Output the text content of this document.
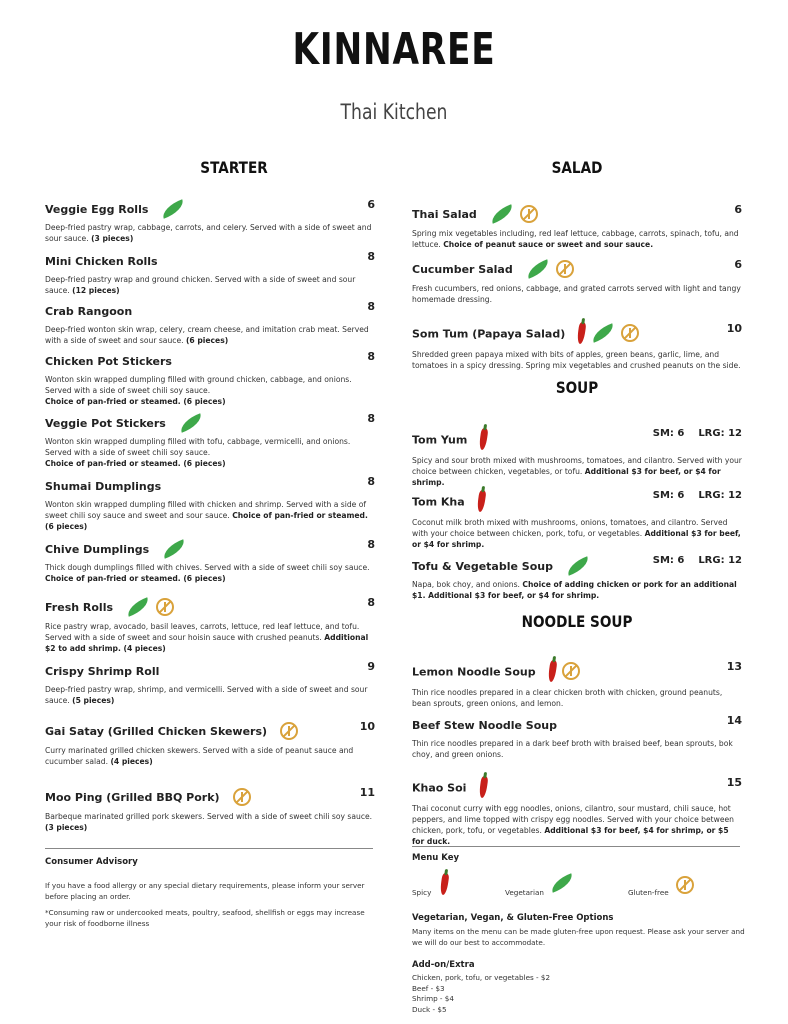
KINNAREE
Thai Kitchen
STARTER
Veggie Egg Rolls	6
Deep-fried pastry wrap, cabbage, carrots, and celery. Served with a side of sweet and sour sauce. (3 pieces)
Mini Chicken Rolls	8
Deep-fried pastry wrap and ground chicken. Served with a side of sweet and sour sauce. (12 pieces)
Crab Rangoon	8
Deep-fried wonton skin wrap, celery, cream cheese, and imitation crab meat. Served with a side of sweet and sour sauce. (6 pieces)
Chicken Pot Stickers	8
Wonton skin wrapped dumpling filled with ground chicken, cabbage, and onions. Served with a side of sweet chili soy sauce.
Choice of pan-fried or steamed. (6 pieces)
Veggie Pot Stickers	8
Wonton skin wrapped dumpling filled with tofu, cabbage, vermicelli, and onions. Served with a side of sweet chili soy sauce.
Choice of pan-fried or steamed. (6 pieces)
Shumai Dumplings	8
Wonton skin wrapped dumpling filled with chicken and shrimp. Served with a side of sweet chili soy sauce and sweet and sour sauce. Choice of pan-fried or steamed. (6 pieces)
Chive Dumplings	8
Thick dough dumplings filled with chives. Served with a side of sweet chili soy sauce.
Choice of pan-fried or steamed. (6 pieces)
Fresh Rolls	8
Rice pastry wrap, avocado, basil leaves, carrots, lettuce, red leaf lettuce, and tofu. Served with a side of sweet and sour hoisin sauce with crushed peanuts. Additional $2 to add shrimp. (4 pieces)
Crispy Shrimp Roll	9
Deep-fried pastry wrap, shrimp, and vermicelli. Served with a side of sweet and sour sauce. (5 pieces)
Gai Satay (Grilled Chicken Skewers)	10
Curry marinated grilled chicken skewers. Served with a side of peanut sauce and cucumber salad. (4 pieces)
Moo Ping (Grilled BBQ Pork)	11
Barbeque marinated grilled pork skewers. Served with a side of sweet chili soy sauce. (3 pieces)
Consumer Advisory
If you have a food allergy or any special dietary requirements, please inform your server before placing an order.
*Consuming raw or undercooked meats, poultry, seafood, shellfish or eggs may increase your risk of foodborne illness
SALAD
Thai Salad	6
Spring mix vegetables including, red leaf lettuce, cabbage, carrots, spinach, tofu, and lettuce. Choice of peanut sauce or sweet and sour sauce.
Cucumber Salad	6
Fresh cucumbers, red onions, cabbage, and grated carrots served with light and tangy homemade dressing.
Som Tum (Papaya Salad)	10
Shredded green papaya mixed with bits of apples, green beans, garlic, lime, and tomatoes in a spicy dressing. Spring mix vegetables and crushed peanuts on the side.
SOUP
Tom Yum	SM: 6 LRG: 12
Spicy and sour broth mixed with mushrooms, tomatoes, and cilantro. Served with your choice between chicken, vegetables, or tofu. Additional $3 for beef, or $4 for shrimp.
Tom Kha	SM: 6 LRG: 12
Coconut milk broth mixed with mushrooms, onions, tomatoes, and cilantro. Served with your choice between chicken, pork, tofu, or vegetables. Additional $3 for beef, or $4 for shrimp.
Tofu & Vegetable Soup	SM: 6 LRG: 12
Napa, bok choy, and onions. Choice of adding chicken or pork for an additional $1. Additional $3 for beef, or $4 for shrimp.
NOODLE SOUP
Lemon Noodle Soup	13
Thin rice noodles prepared in a clear chicken broth with chicken, ground peanuts, bean sprouts, green onions, and lemon.
Beef Stew Noodle Soup	14
Thin rice noodles prepared in a dark beef broth with braised beef, bean sprouts, bok choy, and green onions.
Khao Soi	15
Thai coconut curry with egg noodles, onions, cilantro, sour mustard, chili sauce, hot peppers, and lime topped with crispy egg noodles. Served with your choice between chicken, pork, tofu, or vegetables. Additional $3 for beef, $4 for shrimp, or $5 for duck.
Menu Key
Spicy	Vegetarian	Gluten-free
Vegetarian, Vegan, & Gluten-Free Options
Many items on the menu can be made gluten-free upon request. Please ask your server and we will do our best to accommodate.
Add-on/Extra
Chicken, pork, tofu, or vegetables - $2
Beef - $3
Shrimp - $4
Duck - $5
